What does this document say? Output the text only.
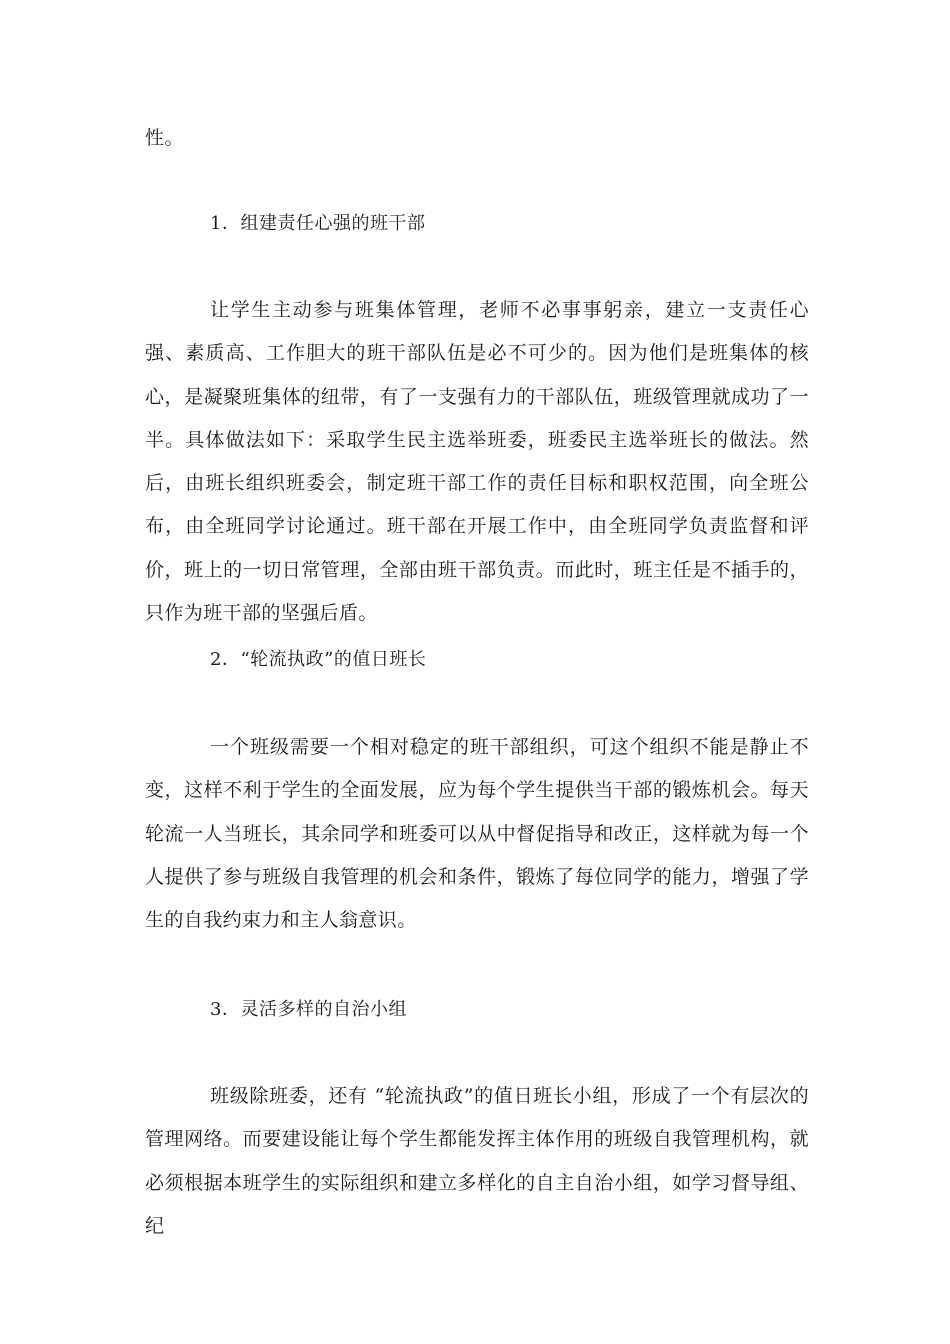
性。
1．组建责任心强的班干部
让学生主动参与班集体管理，老师不必事事躬亲，建立一支责任心强、素质高、工作胆大的班干部队伍是必不可少的。因为他们是班集体的核心，是凝聚班集体的纽带，有了一支强有力的干部队伍，班级管理就成功了一半。具体做法如下：采取学生民主选举班委，班委民主选举班长的做法。然后，由班长组织班委会，制定班干部工作的责任目标和职权范围，向全班公布，由全班同学讨论通过。班干部在开展工作中，由全班同学负责监督和评价，班上的一切日常管理，全部由班干部负责。而此时，班主任是不插手的，只作为班干部的坚强后盾。
2．“轮流执政”的值日班长
一个班级需要一个相对稳定的班干部组织，可这个组织不能是静止不变，这样不利于学生的全面发展，应为每个学生提供当干部的锻炼机会。每天轮流一人当班长，其余同学和班委可以从中督促指导和改正，这样就为每一个人提供了参与班级自我管理的机会和条件，锻炼了每位同学的能力，增强了学生的自我约束力和主人翁意识。
3．灵活多样的自治小组
班级除班委，还有 “轮流执政”的值日班长小组，形成了一个有层次的管理网络。而要建设能让每个学生都能发挥主体作用的班级自我管理机构，就必须根据本班学生的实际组织和建立多样化的自主自治小组，如学习督导组、纪
